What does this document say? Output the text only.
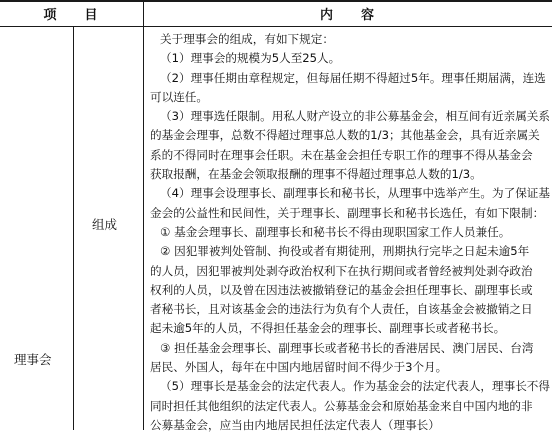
项    目	内    容
理事会
组成
关于理事会的组成，有如下规定：
（1）理事会的规模为5人至25人。
（2）理事任期由章程规定，但每届任期不得超过5年。理事任期届满，连选
可以连任。
（3）理事选任限制。用私人财产设立的非公募基金会，相互间有近亲属关系
的基金会理事，总数不得超过理事总人数的1/3；其他基金会，具有近亲属关
系的不得同时在理事会任职。未在基金会担任专职工作的理事不得从基金会
获取报酬，在基金会领取报酬的理事不得超过理事总人数的1/3。
（4）理事会设理事长、副理事长和秘书长，从理事中选举产生。为了保证基
金会的公益性和民间性，关于理事长、副理事长和秘书长选任，有如下限制：
① 基金会理事长、副理事长和秘书长不得由现职国家工作人员兼任。
② 因犯罪被判处管制、拘役或者有期徒刑，刑期执行完毕之日起未逾5年
的人员，因犯罪被判处剥夺政治权利下在执行期间或者曾经被判处剥夺政治
权利的人员，以及曾在因违法被撤销登记的基金会担任理事长、副理事长或
者秘书长，且对该基金会的违法行为负有个人责任，自该基金会被撤销之日
起未逾5年的人员，不得担任基金会的理事长、副理事长或者秘书长。
③ 担任基金会理事长、副理事长或者秘书长的香港居民、澳门居民、台湾
居民、外国人，每年在中国内地居留时间不得少于3个月。
（5）理事长是基金会的法定代表人。作为基金会的法定代表人，理事长不得
同时担任其他组织的法定代表人。公募基金会和原始基金来自中国内地的非
公募基金会，应当由内地居民担任法定代表人（理事长）
